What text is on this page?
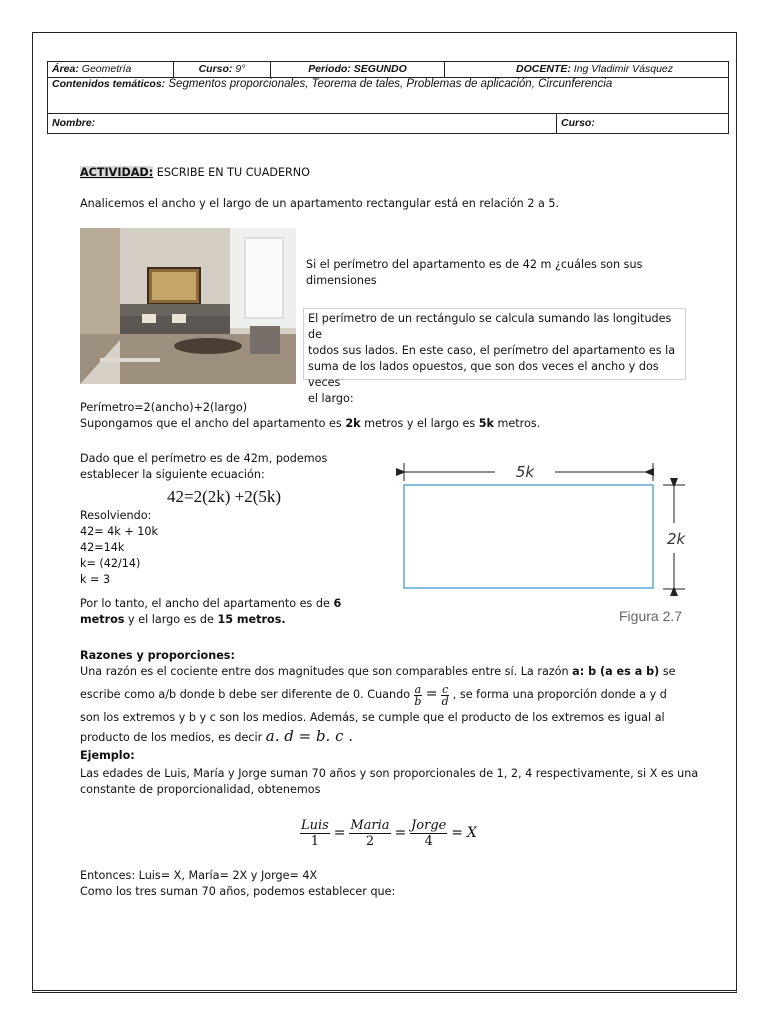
Área: Geometría	Curso: 9°	Periodo: SEGUNDO	DOCENTE: Ing Vladimir Vásquez
Contenidos temáticos: Segmentos proporcionales, Teorema de tales, Problemas de aplicación, Circunferencia
Nombre:	Curso:
ACTIVIDAD: ESCRIBE EN TU CUADERNO
Analicemos el ancho y el largo de un apartamento rectangular está en relación 2 a 5.
Si el perímetro del apartamento es de 42 m ¿cuáles son sus
dimensiones
El perímetro de un rectángulo se calcula sumando las longitudes de
todos sus lados. En este caso, el perímetro del apartamento es la
suma de los lados opuestos, que son dos veces el ancho y dos veces
el largo:
Perímetro=2(ancho)+2(largo)
Supongamos que el ancho del apartamento es 2k metros y el largo es 5k metros.
Dado que el perímetro es de 42m, podemos
establecer la siguiente ecuación:
42=2(2k) +2(5k)
Resolviendo:
42= 4k + 10k
42=14k
k= (42/14)
k = 3
Por lo tanto, el ancho del apartamento es de 6
metros y el largo es de 15 metros.
5k
2k
Figura 2.7
Razones y proporciones:
Una razón es el cociente entre dos magnitudes que son comparables entre sí. La razón a: b (a es a b) se
escribe como a/b donde b debe ser diferente de 0. Cuando $\frac{a}{b} = \frac{c}{d}$ , se forma una proporción donde a y d
son los extremos y b y c son los medios. Además, se cumple que el producto de los extremos es igual al
producto de los medios, es decir a. d = b. c .
Ejemplo:
Las edades de Luis, María y Jorge suman 70 años y son proporcionales de 1, 2, 4 respectivamente, si X es una
constante de proporcionalidad, obtenemos
$\frac{\text{Luis}}{1} = \frac{\text{Maria}}{2} = \frac{\text{Jorge}}{4} = X$
Entonces: Luis= X, María= 2X y Jorge= 4X
Como los tres suman 70 años, podemos establecer que:
